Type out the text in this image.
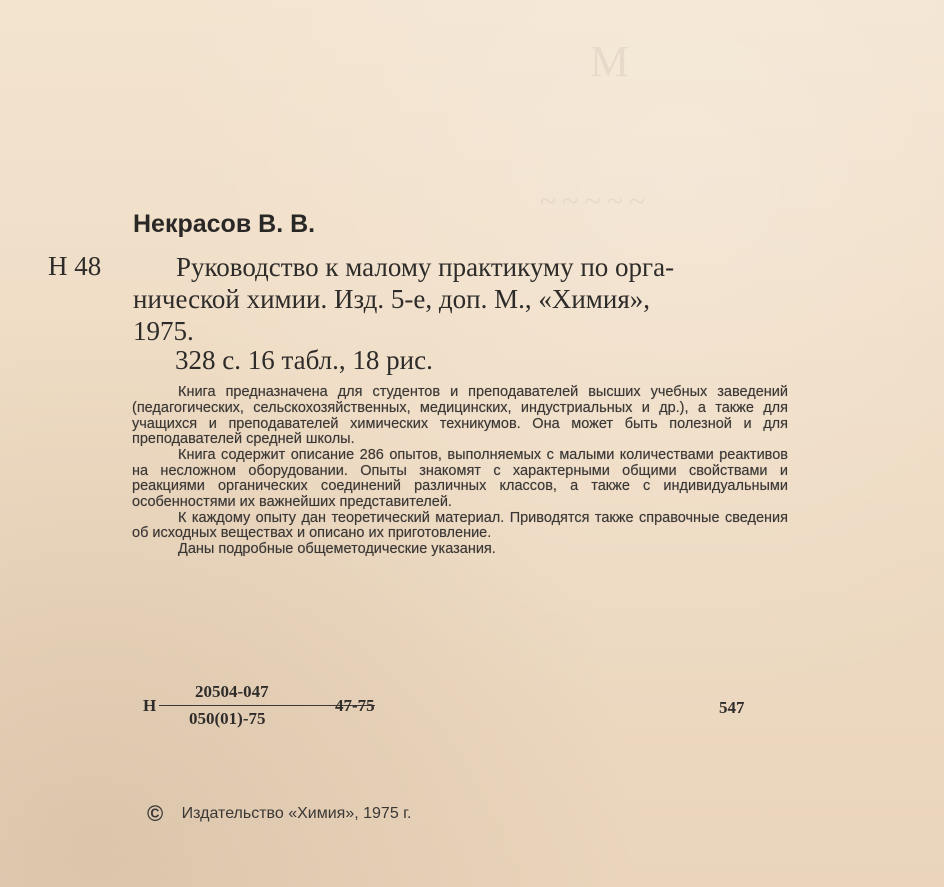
М
~~~~~
Некрасов В. В.
Н 48	Руководство к малому практикуму по орга-
нической химии. Изд. 5-е, доп. М., «Химия»,
1975.
328 с. 16 табл., 18 рис.

Книга предназначена для студентов и преподавателей высших учебных заведений (педагогических, сельскохозяйственных, медицинских, индустриальных и др.), а также для учащихся и преподавателей химических техникумов. Она может быть полезной и для преподавателей средней школы.

Книга содержит описание 286 опытов, выполняемых с малыми количествами реактивов на несложном оборудовании. Опыты знакомят с характерными общими свойствами и реакциями органических соединений различных классов, а также с индивидуальными особенностями их важнейших представителей.

К каждому опыту дан теоретический материал. Приводятся также справочные сведения об исходных веществах и описано их приготовление.

Даны подробные общеметодические указания.

Н
20504-047
050(01)-75
47-75	547
© Издательство «Химия», 1975 г.
